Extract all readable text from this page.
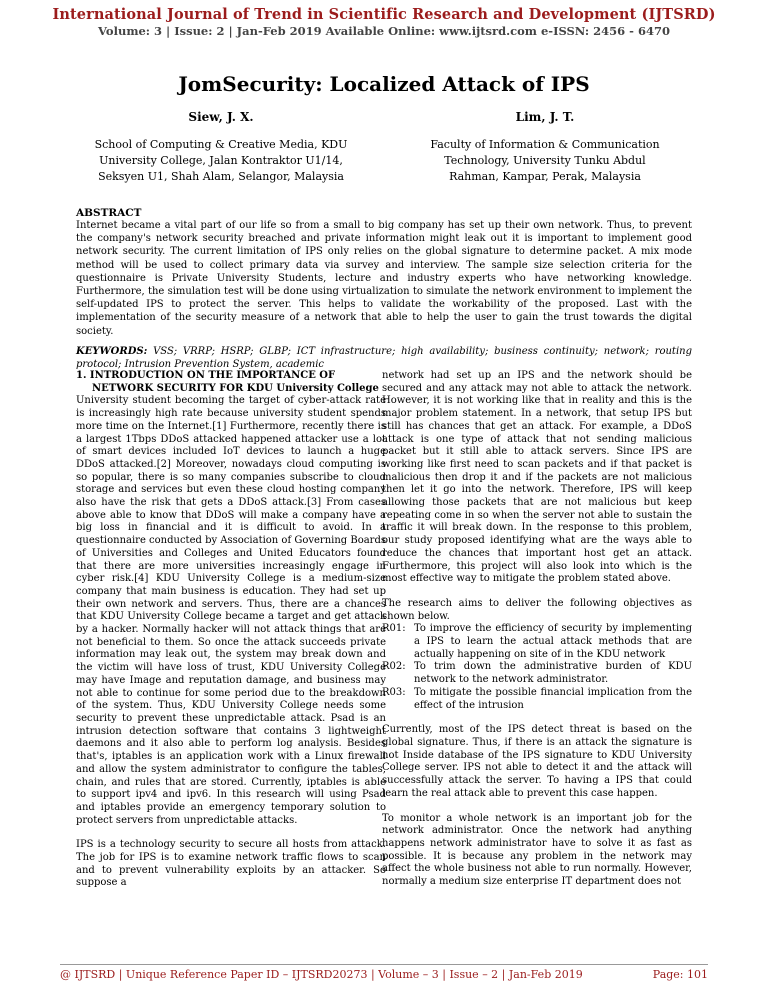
International Journal of Trend in Scientific Research and Development (IJTSRD)
Volume: 3 | Issue: 2 | Jan-Feb 2019 Available Online: www.ijtsrd.com e-ISSN: 2456 - 6470
JomSecurity: Localized Attack of IPS
Siew, J. X.	Lim, J. T.
School of Computing & Creative Media, KDU
University College, Jalan Kontraktor U1/14,
Seksyen U1, Shah Alam, Selangor, Malaysia
Faculty of Information & Communication
Technology, University Tunku Abdul
Rahman, Kampar, Perak, Malaysia
ABSTRACT
Internet became a vital part of our life so from a small to big company has set up their own network. Thus, to prevent the company's network security breached and private information might leak out it is important to implement good network security. The current limitation of IPS only relies on the global signature to determine packet. A mix mode method will be used to collect primary data via survey and interview. The sample size selection criteria for the questionnaire is Private University Students, lecture and industry experts who have networking knowledge. Furthermore, the simulation test will be done using virtualization to simulate the network environment to implement the self-updated IPS to protect the server. This helps to validate the workability of the proposed. Last with the implementation of the security measure of a network that able to help the user to gain the trust towards the digital society.
KEYWORDS: VSS; VRRP; HSRP; GLBP; ICT infrastructure; high availability; business continuity; network; routing protocol; Intrusion Prevention System, academic
1. INTRODUCTION ON THE IMPORTANCE OF
NETWORK SECURITY FOR KDU University College

University student becoming the target of cyber-attack rate is increasingly high rate because university student spends more time on the Internet.[1] Furthermore, recently there is a largest 1Tbps DDoS attacked happened attacker use a lot of smart devices included IoT devices to launch a huge DDoS attacked.[2] Moreover, nowadays cloud computing is so popular, there is so many companies subscribe to cloud storage and services but even these cloud hosting company also have the risk that gets a DDoS attack.[3] From cases above able to know that DDoS will make a company have a big loss in financial and it is difficult to avoid. In a questionnaire conducted by Association of Governing Boards of Universities and Colleges and United Educators found that there are more universities increasingly engage in cyber risk.[4] KDU University College is a medium-size company that main business is education. They had set up their own network and servers. Thus, there are a chances that KDU University College became a target and get attack by a hacker. Normally hacker will not attack things that are not beneficial to them. So once the attack succeeds private information may leak out, the system may break down and the victim will have loss of trust, KDU University College may have Image and reputation damage, and business may not able to continue for some period due to the breakdown of the system. Thus, KDU University College needs some security to prevent these unpredictable attack. Psad is an intrusion detection software that contains 3 lightweight daemons and it also able to perform log analysis. Besides that's, iptables is an application work with a Linux firewall and allow the system administrator to configure the tables, chain, and rules that are stored. Currently, iptables is able to support ipv4 and ipv6. In this research will using Psad and iptables provide an emergency temporary solution to protect servers from unpredictable attacks.

IPS is a technology security to secure all hosts from attack. The job for IPS is to examine network traffic flows to scan and to prevent vulnerability exploits by an attacker. So suppose a

network had set up an IPS and the network should be secured and any attack may not able to attack the network. However, it is not working like that in reality and this is the major problem statement. In a network, that setup IPS but still has chances that get an attack. For example, a DDoS attack is one type of attack that not sending malicious packet but it still able to attack servers. Since IPS are working like first need to scan packets and if that packet is malicious then drop it and if the packets are not malicious then let it go into the network. Therefore, IPS will keep allowing those packets that are not malicious but keep repeating come in so when the server not able to sustain the traffic it will break down. In the response to this problem, our study proposed identifying what are the ways able to reduce the chances that important host get an attack. Furthermore, this project will also look into which is the most effective way to mitigate the problem stated above.

The research aims to deliver the following objectives as shown below.

R01: To improve the efficiency of security by implementing a IPS to learn the actual attack methods that are actually happening on site of in the KDU network
R02: To trim down the administrative burden of KDU network to the network administrator.
R03: To mitigate the possible financial implication from the effect of the intrusion

Currently, most of the IPS detect threat is based on the global signature. Thus, if there is an attack the signature is not Inside database of the IPS signature to KDU University College server. IPS not able to detect it and the attack will successfully attack the server. To having a IPS that could learn the real attack able to prevent this case happen.

To monitor a whole network is an important job for the network administrator. Once the network had anything happens network administrator have to solve it as fast as possible. It is because any problem in the network may affect the whole business not able to run normally. However, normally a medium size enterprise IT department does not

@ IJTSRD | Unique Reference Paper ID – IJTSRD20273 | Volume – 3 | Issue – 2 | Jan-Feb 2019	Page: 101
